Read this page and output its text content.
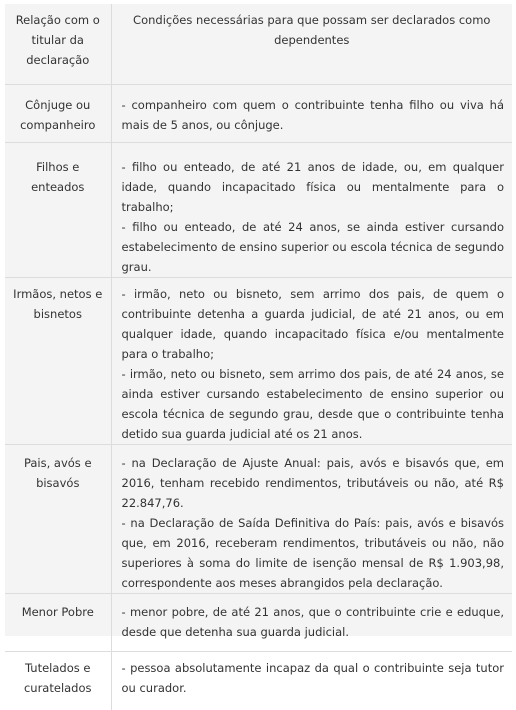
Relação com o titular da declaração	Condições necessárias para que possam ser declarados como dependentes
Cônjuge ou companheiro	- companheiro com quem o contribuinte tenha filho ou viva há mais de 5 anos, ou cônjuge.

Filhos e enteados	- filho ou enteado, de até 21 anos de idade, ou, em qualquer idade, quando incapacitado física ou mentalmente para o trabalho;
- filho ou enteado, de até 24 anos, se ainda estiver cursando estabelecimento de ensino superior ou escola técnica de segundo grau.

Irmãos, netos e bisnetos	- irmão, neto ou bisneto, sem arrimo dos pais, de quem o contribuinte detenha a guarda judicial, de até 21 anos, ou em qualquer idade, quando incapacitado física e/ou mentalmente para o trabalho;
- irmão, neto ou bisneto, sem arrimo dos pais, de até 24 anos, se ainda estiver cursando estabelecimento de ensino superior ou escola técnica de segundo grau, desde que o contribuinte tenha detido sua guarda judicial até os 21 anos.

Pais, avós e bisavós	- na Declaração de Ajuste Anual: pais, avós e bisavós que, em 2016, tenham recebido rendimentos, tributáveis ou não, até R$ 22.847,76.
- na Declaração de Saída Definitiva do País: pais, avós e bisavós que, em 2016, receberam rendimentos, tributáveis ou não, não superiores à soma do limite de isenção mensal de R$ 1.903,98, correspondente aos meses abrangidos pela declaração.

Menor Pobre	- menor pobre, de até 21 anos, que o contribuinte crie e eduque, desde que detenha sua guarda judicial.

Tutelados e curatelados	- pessoa absolutamente incapaz da qual o contribuinte seja tutor ou curador.
